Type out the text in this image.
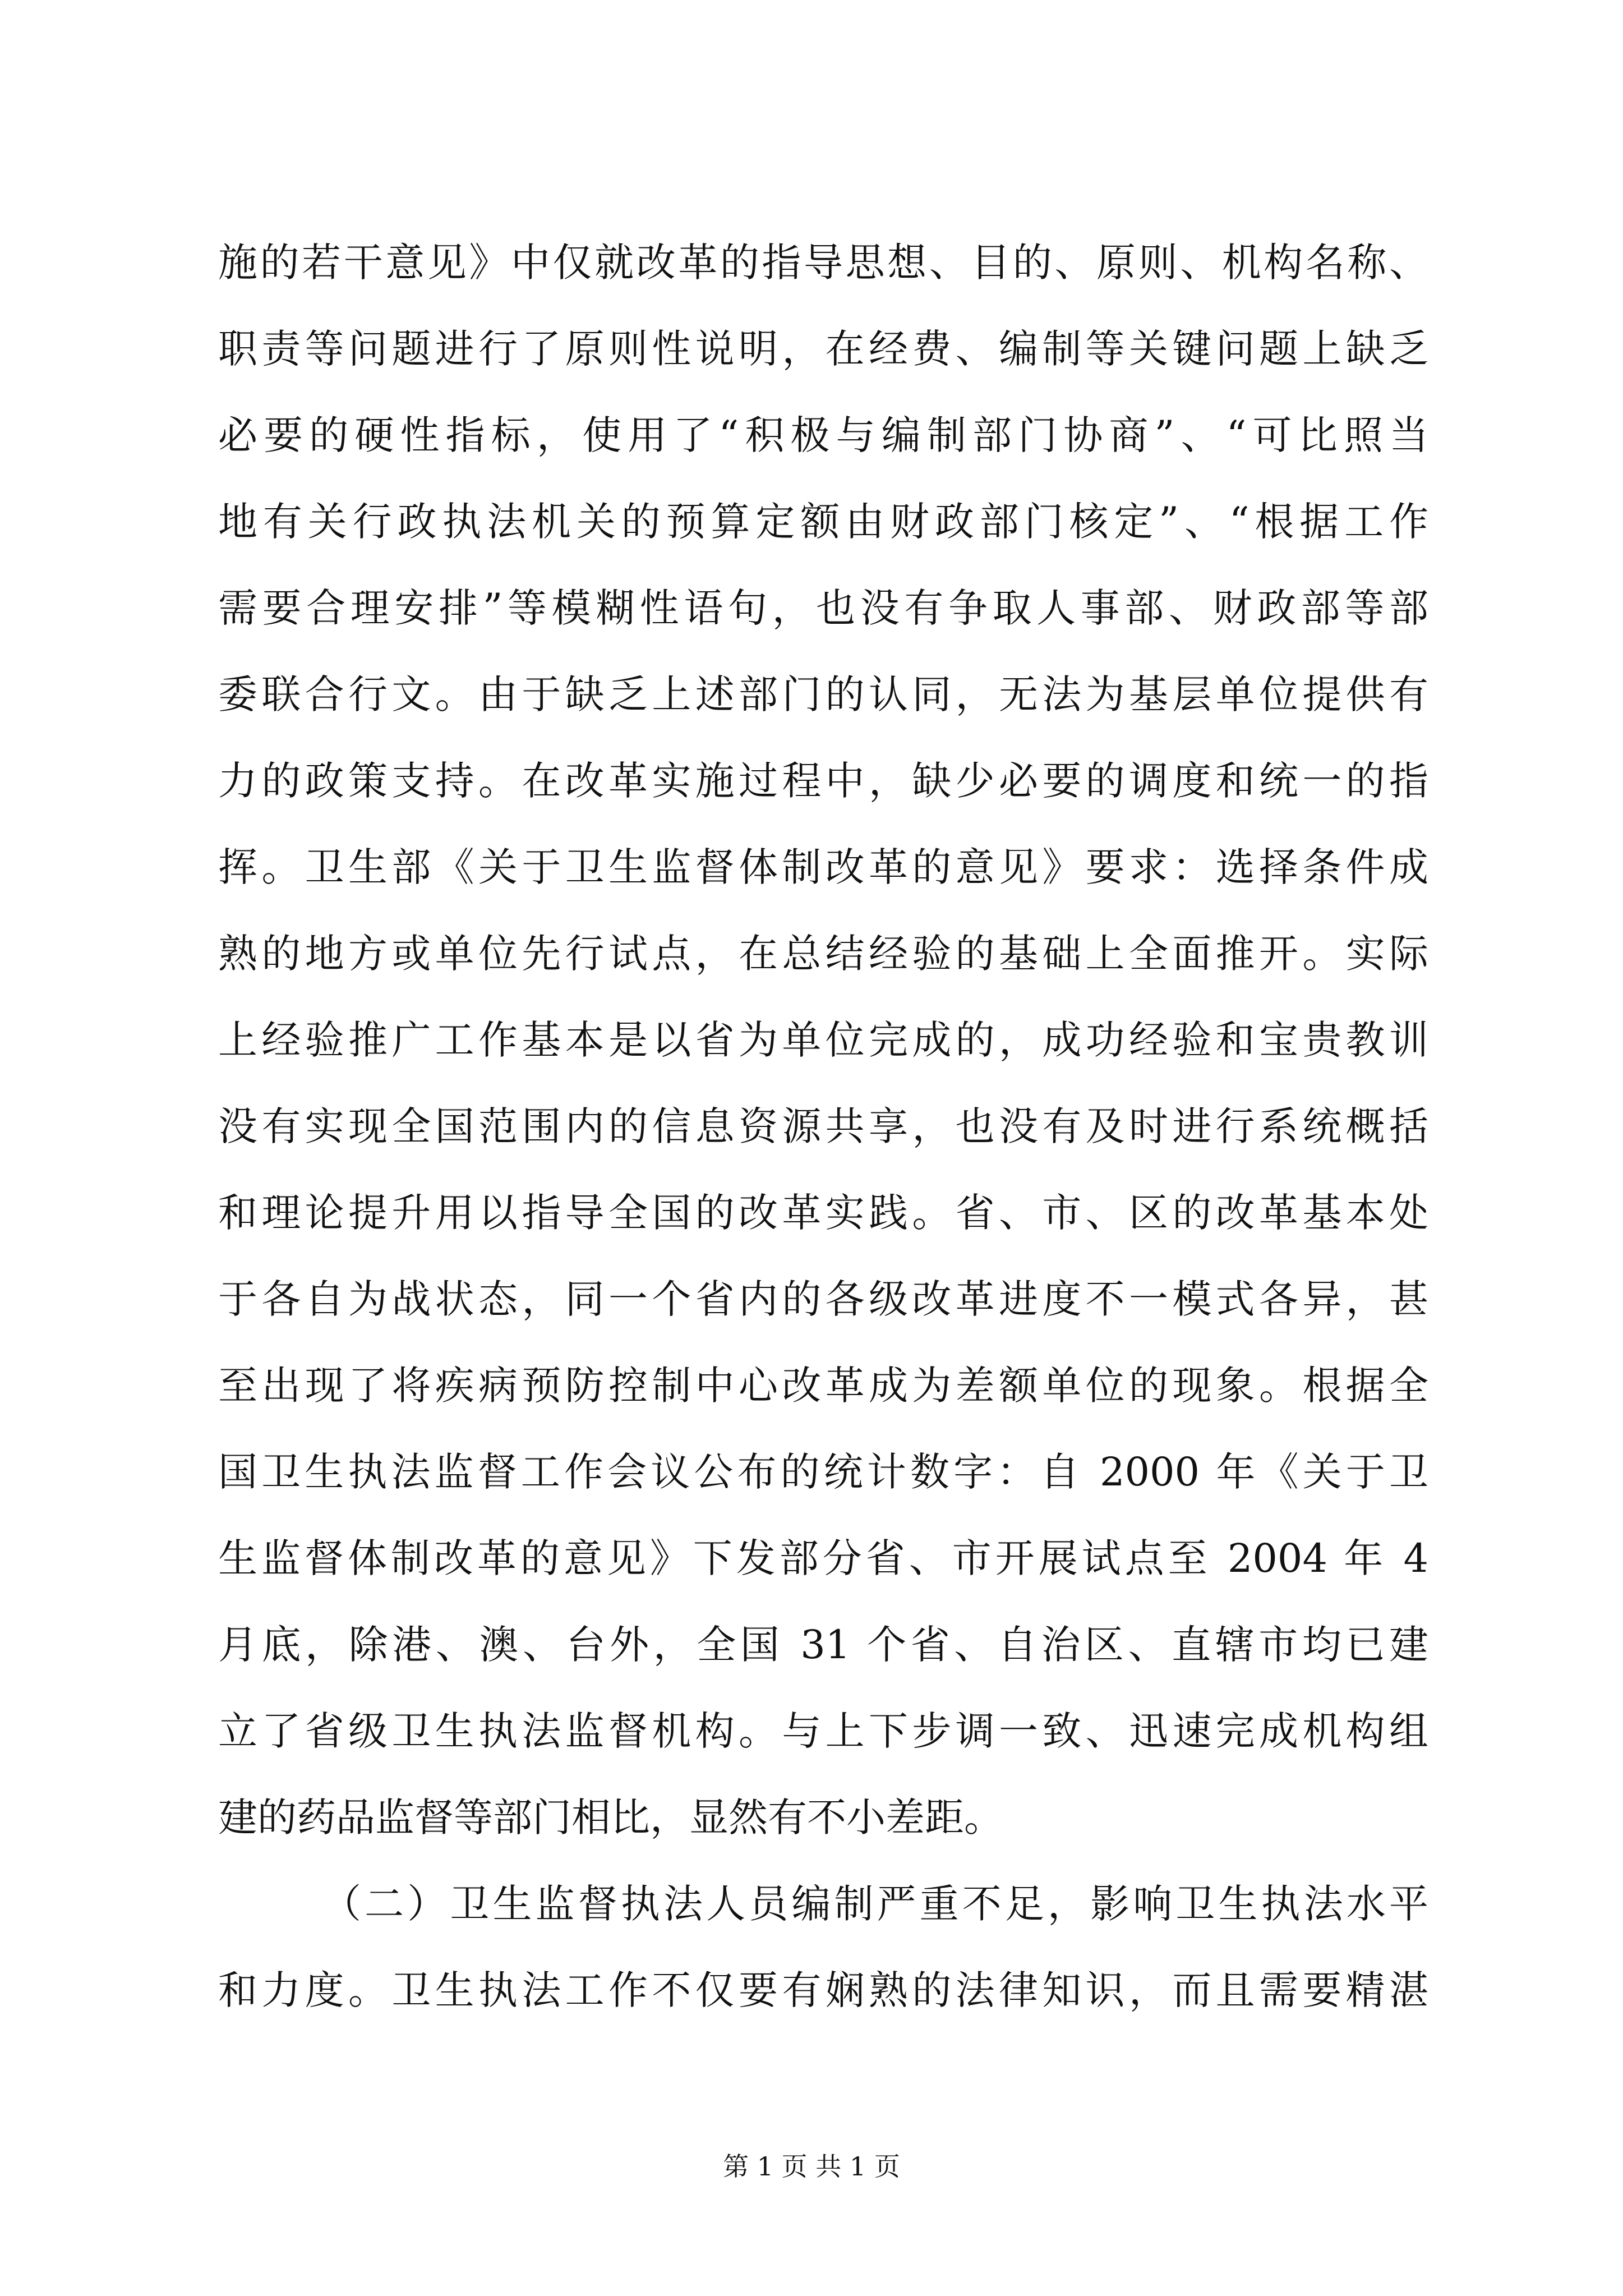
施的若干意见》中仅就改革的指导思想、目的、原则、机构名称、
职责等问题进行了原则性说明，在经费、编制等关键问题上缺乏
必要的硬性指标，使用了“积极与编制部门协商”、“可比照当
地有关行政执法机关的预算定额由财政部门核定”、“根据工作
需要合理安排”等模糊性语句，也没有争取人事部、财政部等部
委联合行文。由于缺乏上述部门的认同，无法为基层单位提供有
力的政策支持。在改革实施过程中，缺少必要的调度和统一的指
挥。卫生部《关于卫生监督体制改革的意见》要求：选择条件成
熟的地方或单位先行试点，在总结经验的基础上全面推开。实际
上经验推广工作基本是以省为单位完成的，成功经验和宝贵教训
没有实现全国范围内的信息资源共享，也没有及时进行系统概括
和理论提升用以指导全国的改革实践。省、市、区的改革基本处
于各自为战状态，同一个省内的各级改革进度不一模式各异，甚
至出现了将疾病预防控制中心改革成为差额单位的现象。根据全
国卫生执法监督工作会议公布的统计数字：自 2000 年《关于卫
生监督体制改革的意见》下发部分省、市开展试点至 2004 年 4
月底，除港、澳、台外，全国 31 个省、自治区、直辖市均已建
立了省级卫生执法监督机构。与上下步调一致、迅速完成机构组
建的药品监督等部门相比，显然有不小差距。
（二）卫生监督执法人员编制严重不足，影响卫生执法水平
和力度。卫生执法工作不仅要有娴熟的法律知识，而且需要精湛
第 1 页 共 1 页
